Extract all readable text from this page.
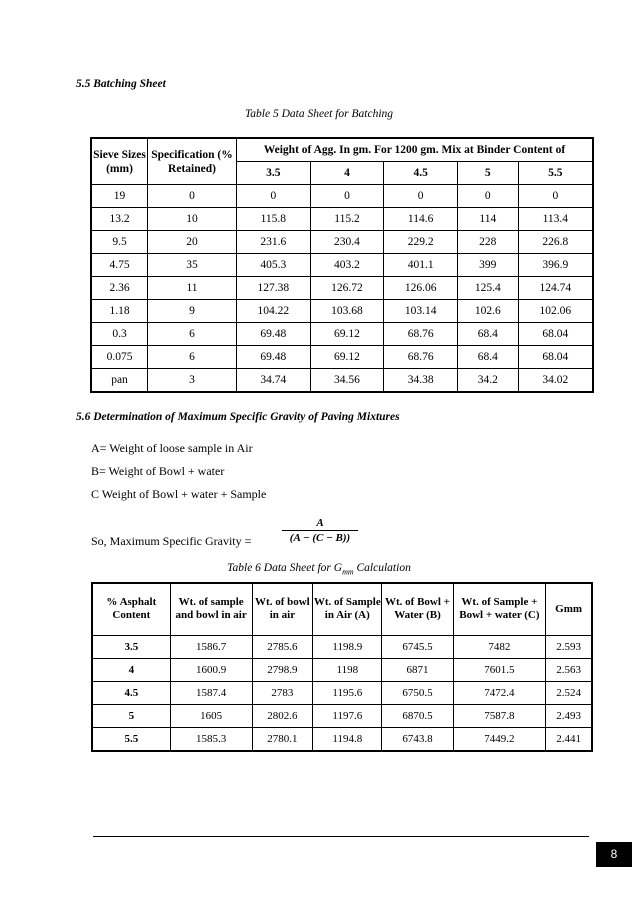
5.5 Batching Sheet
Table 5 Data Sheet for Batching
Sieve Sizes (mm)	Specification (% Retained)	Weight of Agg. In gm. For 1200 gm. Mix at Binder Content of				
		3.5	4	4.5	5	5.5
19	0	0	0	0	0	0
13.2	10	115.8	115.2	114.6	114	113.4
9.5	20	231.6	230.4	229.2	228	226.8
4.75	35	405.3	403.2	401.1	399	396.9
2.36	11	127.38	126.72	126.06	125.4	124.74
1.18	9	104.22	103.68	103.14	102.6	102.06
0.3	6	69.48	69.12	68.76	68.4	68.04
0.075	6	69.48	69.12	68.76	68.4	68.04
pan	3	34.74	34.56	34.38	34.2	34.02
5.6 Determination of Maximum Specific Gravity of Paving Mixtures
A= Weight of loose sample in Air
B= Weight of Bowl + water
C Weight of Bowl + water + Sample
So, Maximum Specific Gravity =
A
(A − (C − B))
Table 6 Data Sheet for $G_{mm}$ Calculation
% Asphalt Content	Wt. of sample and bowl in air	Wt. of bowl in air	Wt. of Sample in Air (A)	Wt. of Bowl + Water (B)	Wt. of Sample + Bowl + water (C)	Gmm
3.5	1586.7	2785.6	1198.9	6745.5	7482	2.593
4	1600.9	2798.9	1198	6871	7601.5	2.563
4.5	1587.4	2783	1195.6	6750.5	7472.4	2.524
5	1605	2802.6	1197.6	6870.5	7587.8	2.493
5.5	1585.3	2780.1	1194.8	6743.8	7449.2	2.441
8
